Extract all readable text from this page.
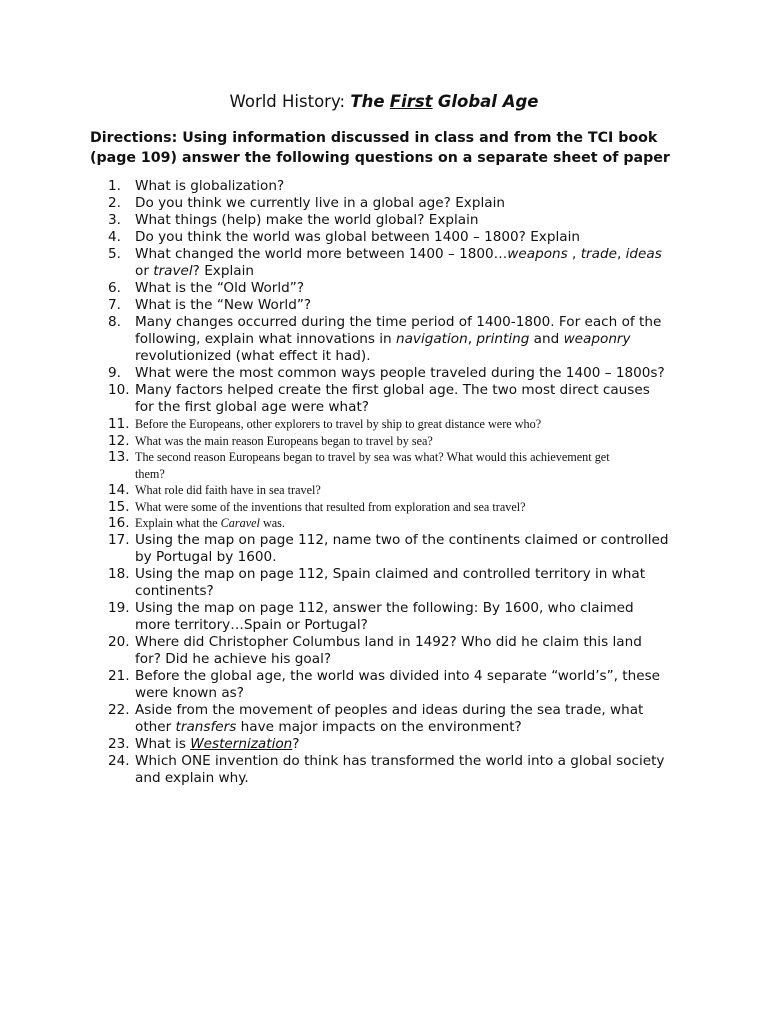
World History: The First Global Age
Directions: Using information discussed in class and from the TCI book
(page 109) answer the following questions on a separate sheet of paper
1.	What is globalization?
2.	Do you think we currently live in a global age? Explain
3.	What things (help) make the world global? Explain
4.	Do you think the world was global between 1400 – 1800? Explain
5.	What changed the world more between 1400 – 1800…weapons , trade, ideas
or travel? Explain
6.	What is the “Old World”?
7.	What is the “New World”?
8.	Many changes occurred during the time period of 1400-1800. For each of the
following, explain what innovations in navigation, printing and weaponry
revolutionized (what effect it had).
9.	What were the most common ways people traveled during the 1400 – 1800s?
10. Many factors helped create the first global age. The two most direct causes
for the first global age were what?
11. Before the Europeans, other explorers to travel by ship to great distance were who?
12. What was the main reason Europeans began to travel by sea?
13. The second reason Europeans began to travel by sea was what? What would this achievement get
them?
14. What role did faith have in sea travel?
15. What were some of the inventions that resulted from exploration and sea travel?
16. Explain what the Caravel was.
17. Using the map on page 112, name two of the continents claimed or controlled
by Portugal by 1600.
18. Using the map on page 112, Spain claimed and controlled territory in what
continents?
19. Using the map on page 112, answer the following: By 1600, who claimed
more territory…Spain or Portugal?
20. Where did Christopher Columbus land in 1492? Who did he claim this land
for? Did he achieve his goal?
21. Before the global age, the world was divided into 4 separate “world’s”, these
were known as?
22. Aside from the movement of peoples and ideas during the sea trade, what
other transfers have major impacts on the environment?
23. What is Westernization?
24. Which ONE invention do think has transformed the world into a global society
and explain why.
